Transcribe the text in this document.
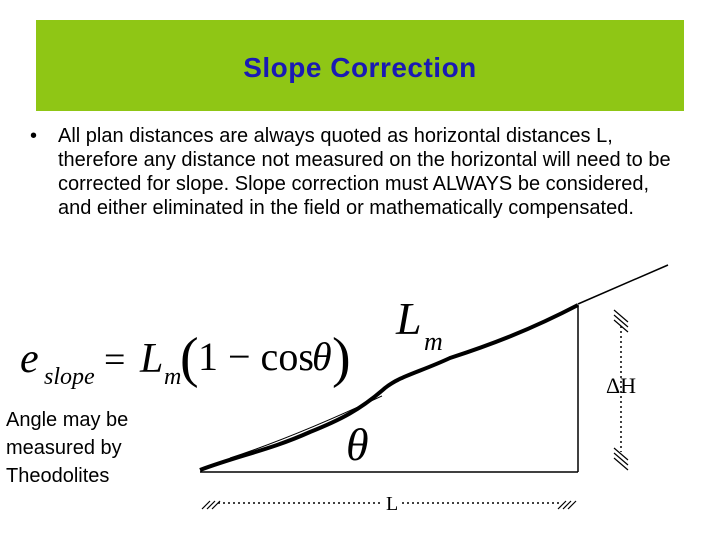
Slope Correction
• All plan distances are always quoted as horizontal distances L, therefore any distance not measured on the horizontal will need to be corrected for slope. Slope correction must ALWAYS be considered, and either eliminated in the field or mathematically compensated.
Angle may be measured by Theodolites
e slope = L m
( 1 − cos
θ )
L
ΔH
L m
θ
